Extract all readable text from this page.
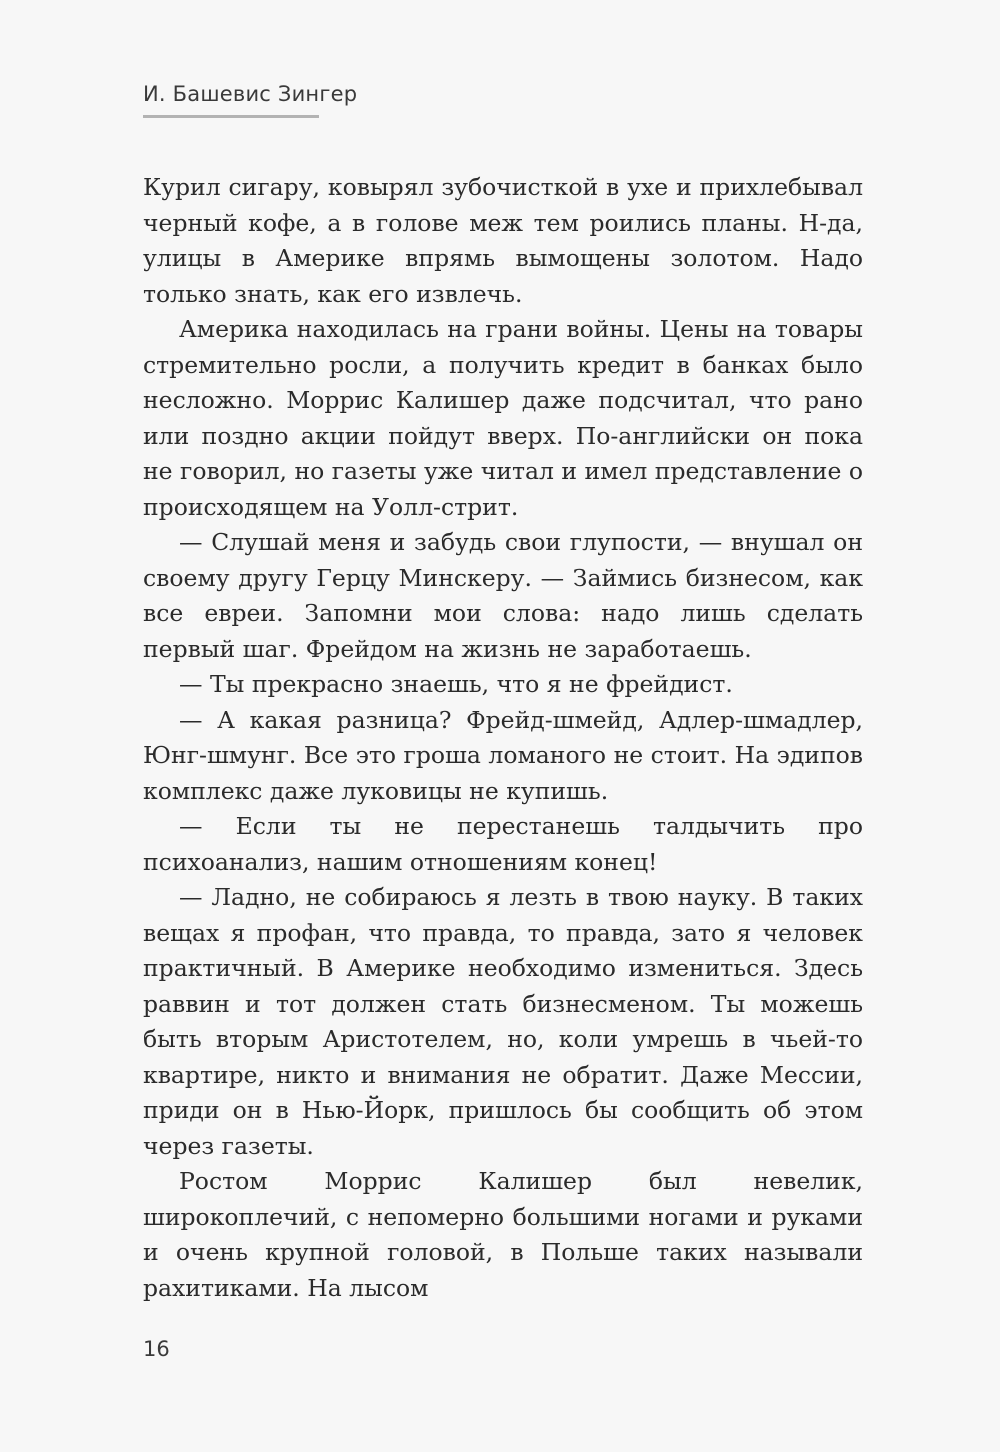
И. Башевис Зингер

Курил сигару, ковырял зубочисткой в ухе и прихлебывал черный кофе, а в голове меж тем роились планы. Н-да, улицы в Америке впрямь вымощены золотом. Надо только знать, как его извлечь.

Америка находилась на грани войны. Цены на товары стремительно росли, а получить кредит в банках было несложно. Моррис Калишер даже подсчитал, что рано или поздно акции пойдут вверх. По-английски он пока не говорил, но газеты уже читал и имел представление о происходящем на Уолл-стрит.

— Слушай меня и забудь свои глупости, — внушал он своему другу Герцу Минскеру. — Займись бизнесом, как все евреи. Запомни мои слова: надо лишь сделать первый шаг. Фрейдом на жизнь не заработаешь.

— Ты прекрасно знаешь, что я не фрейдист.

— А какая разница? Фрейд-шмейд, Адлер-шмадлер, Юнг-шмунг. Все это гроша ломаного не стоит. На эдипов комплекс даже луковицы не купишь.

— Если ты не перестанешь талдычить про психоанализ, нашим отношениям конец!

— Ладно, не собираюсь я лезть в твою науку. В таких вещах я профан, что правда, то правда, зато я человек практичный. В Америке необходимо измениться. Здесь раввин и тот должен стать бизнесменом. Ты можешь быть вторым Аристотелем, но, коли умрешь в чьей-то квартире, никто и внимания не обратит. Даже Мессии, приди он в Нью-Йорк, пришлось бы сообщить об этом через газеты.

Ростом Моррис Калишер был невелик, широкоплечий, с непомерно большими ногами и руками и очень крупной головой, в Польше таких называли рахитиками. На лысом

16
